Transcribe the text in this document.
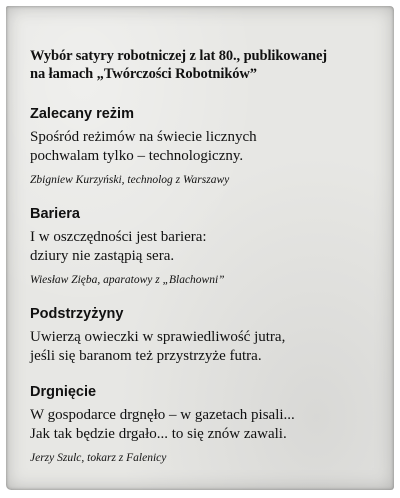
Wybór satyry robotniczej z lat 80., publikowanej
na łamach „Twórczości Robotników”
Zalecany reżim
Spośród reżimów na świecie licznych
pochwalam tylko – technologiczny.
Zbigniew Kurzyński, technolog z Warszawy
Bariera
I w oszczędności jest bariera:
dziury nie zastąpią sera.
Wiesław Zięba, aparatowy z „Blachowni”
Podstrzyżyny
Uwierzą owieczki w sprawiedliwość jutra,
jeśli się baranom też przystrzyże futra.
Drgnięcie
W gospodarce drgnęło – w gazetach pisali...
Jak tak będzie drgało... to się znów zawali.
Jerzy Szulc, tokarz z Falenicy
